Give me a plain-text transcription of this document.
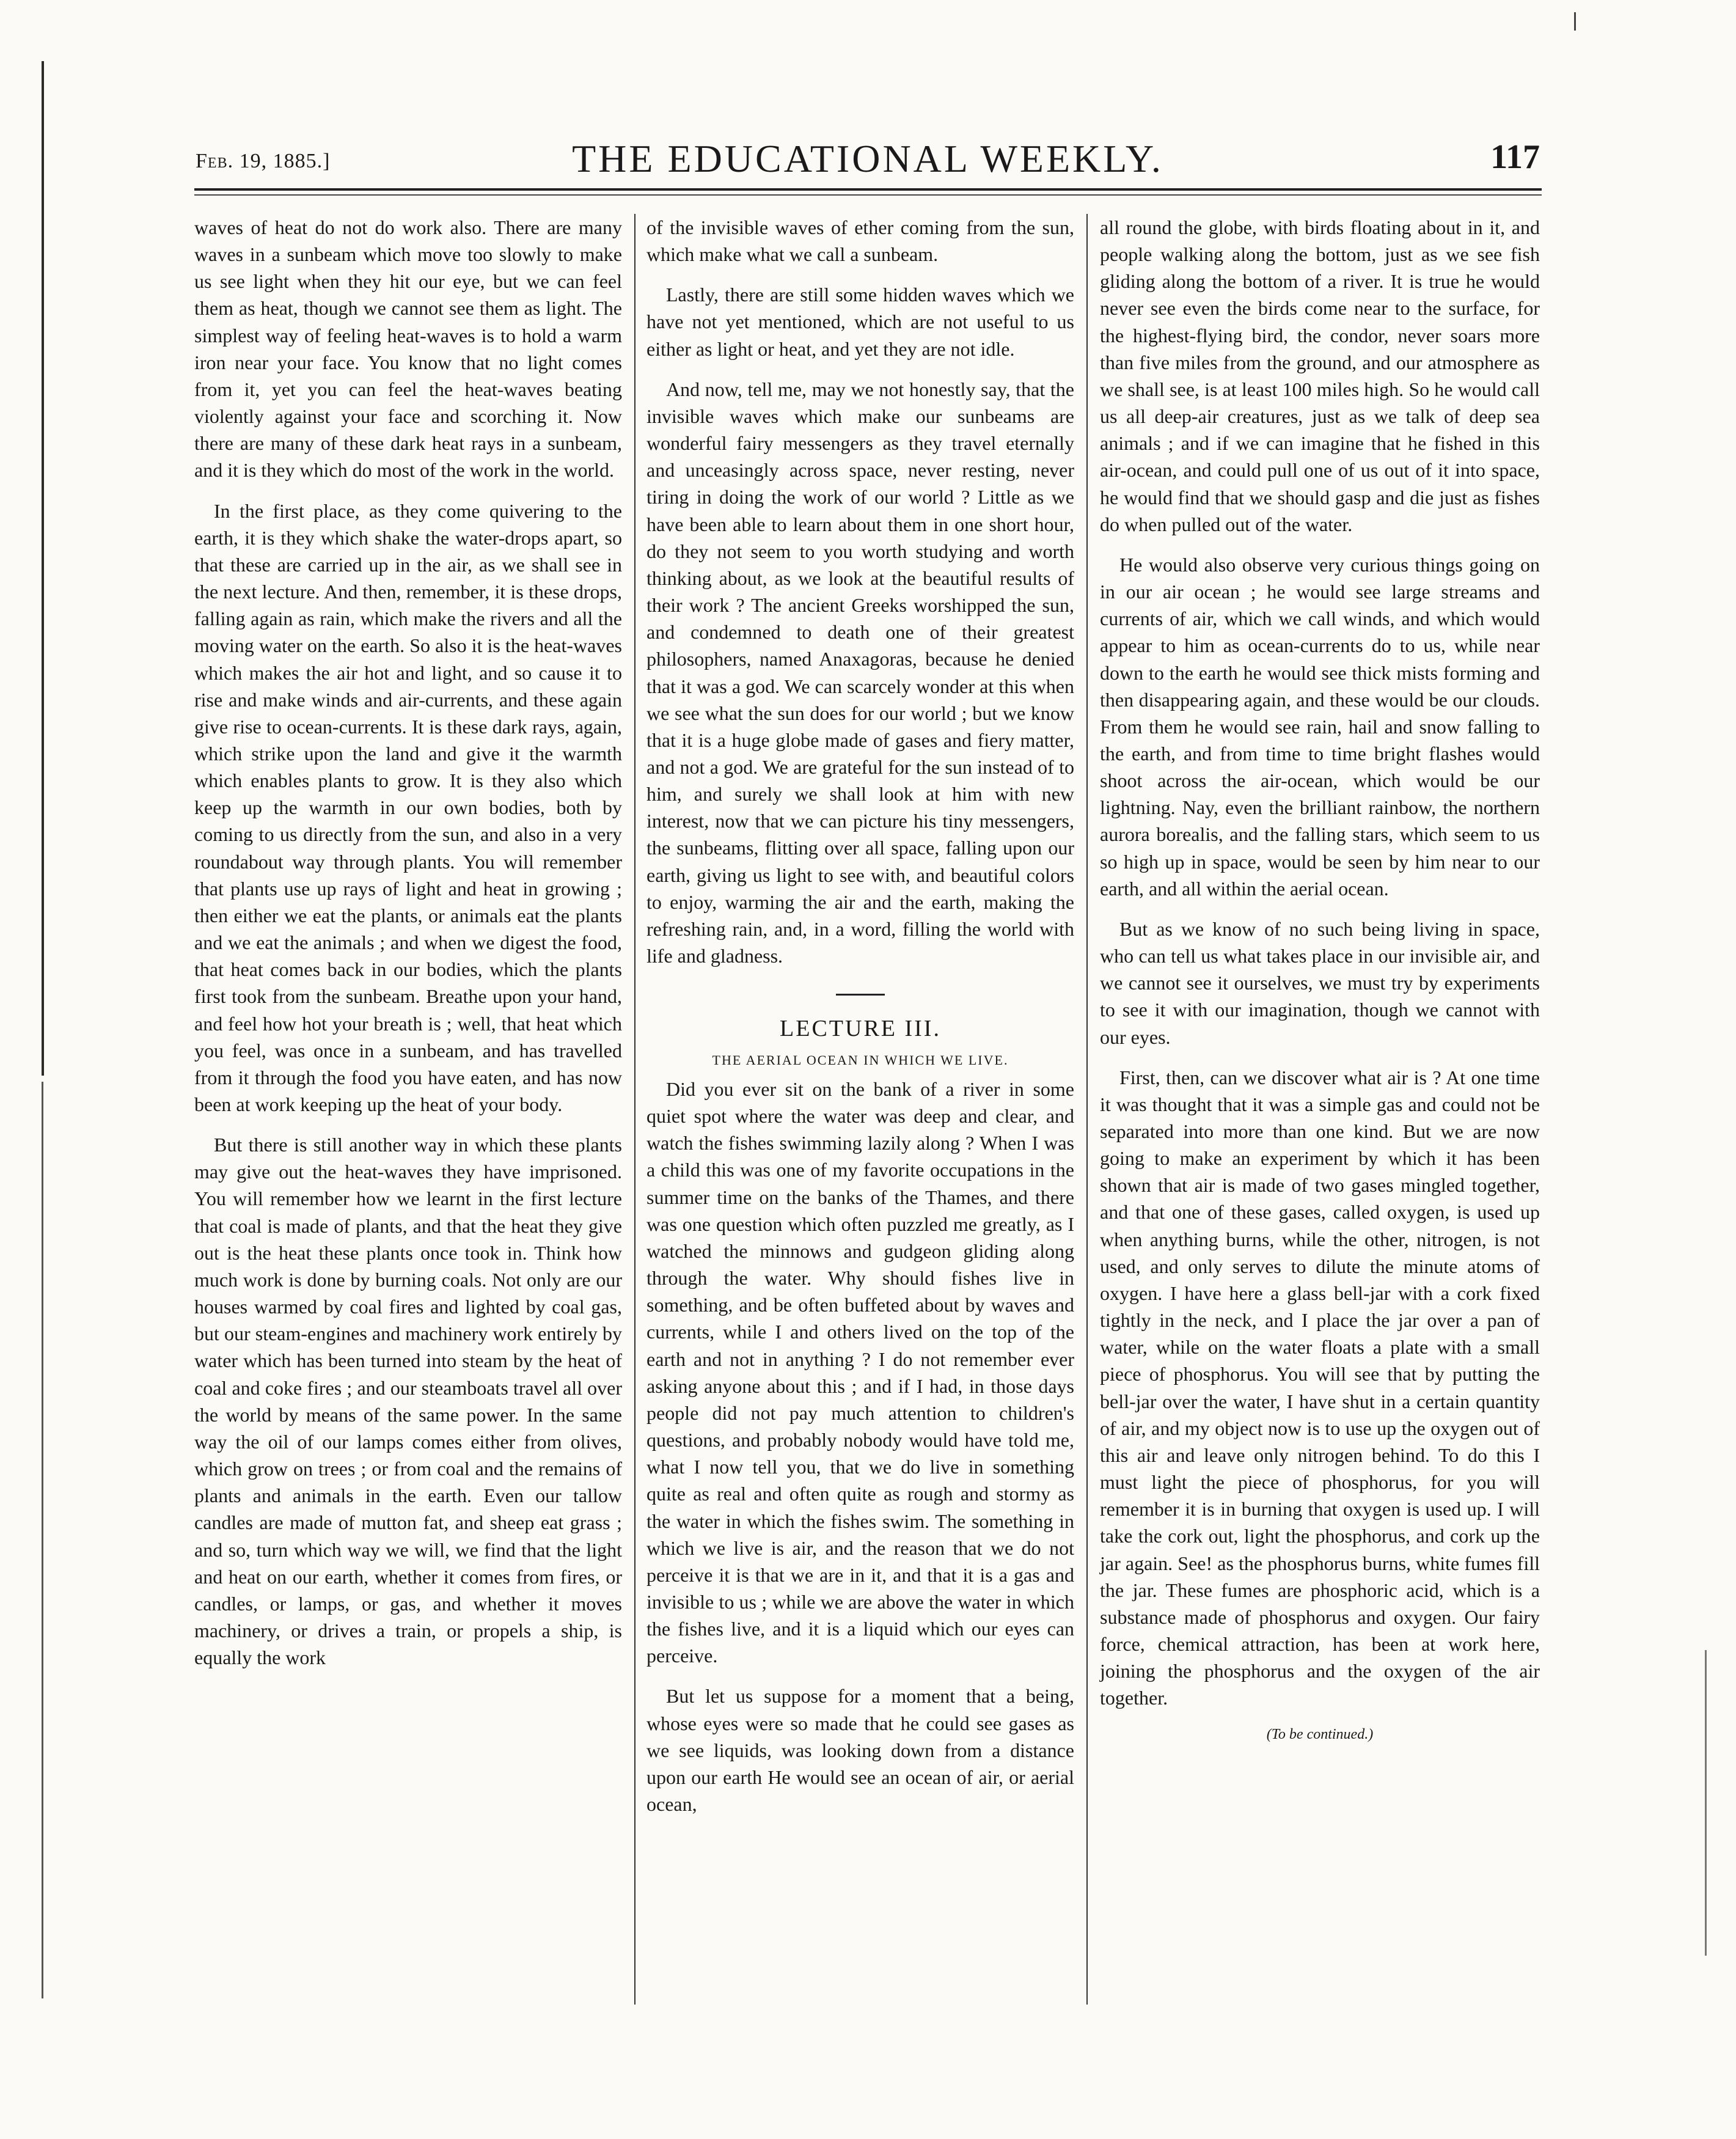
Feb. 19, 1885.]	THE EDUCATIONAL WEEKLY.	117

waves of heat do not do work also. There are many waves in a sunbeam which move too slowly to make us see light when they hit our eye, but we can feel them as heat, though we cannot see them as light. The simplest way of feeling heat-waves is to hold a warm iron near your face. You know that no light comes from it, yet you can feel the heat-waves beating violently against your face and scorching it. Now there are many of these dark heat rays in a sunbeam, and it is they which do most of the work in the world.

In the first place, as they come quivering to the earth, it is they which shake the water-drops apart, so that these are carried up in the air, as we shall see in the next lecture. And then, remember, it is these drops, falling again as rain, which make the rivers and all the moving water on the earth. So also it is the heat-waves which makes the air hot and light, and so cause it to rise and make winds and air-currents, and these again give rise to ocean-currents. It is these dark rays, again, which strike upon the land and give it the warmth which enables plants to grow. It is they also which keep up the warmth in our own bodies, both by coming to us directly from the sun, and also in a very roundabout way through plants. You will remember that plants use up rays of light and heat in growing ; then either we eat the plants, or animals eat the plants and we eat the animals ; and when we digest the food, that heat comes back in our bodies, which the plants first took from the sunbeam. Breathe upon your hand, and feel how hot your breath is ; well, that heat which you feel, was once in a sunbeam, and has travelled from it through the food you have eaten, and has now been at work keeping up the heat of your body.

But there is still another way in which these plants may give out the heat-waves they have imprisoned. You will remember how we learnt in the first lecture that coal is made of plants, and that the heat they give out is the heat these plants once took in. Think how much work is done by burning coals. Not only are our houses warmed by coal fires and lighted by coal gas, but our steam-engines and machinery work entirely by water which has been turned into steam by the heat of coal and coke fires ; and our steamboats travel all over the world by means of the same power. In the same way the oil of our lamps comes either from olives, which grow on trees ; or from coal and the remains of plants and animals in the earth. Even our tallow candles are made of mutton fat, and sheep eat grass ; and so, turn which way we will, we find that the light and heat on our earth, whether it comes from fires, or candles, or lamps, or gas, and whether it moves machinery, or drives a train, or propels a ship, is equally the work

of the invisible waves of ether coming from the sun, which make what we call a sunbeam.

Lastly, there are still some hidden waves which we have not yet mentioned, which are not useful to us either as light or heat, and yet they are not idle.

And now, tell me, may we not honestly say, that the invisible waves which make our sunbeams are wonderful fairy messengers as they travel eternally and unceasingly across space, never resting, never tiring in doing the work of our world ? Little as we have been able to learn about them in one short hour, do they not seem to you worth studying and worth thinking about, as we look at the beautiful results of their work ? The ancient Greeks worshipped the sun, and condemned to death one of their greatest philosophers, named Anaxagoras, because he denied that it was a god. We can scarcely wonder at this when we see what the sun does for our world ; but we know that it is a huge globe made of gases and fiery matter, and not a god. We are grateful for the sun instead of to him, and surely we shall look at him with new interest, now that we can picture his tiny messengers, the sunbeams, flitting over all space, falling upon our earth, giving us light to see with, and beautiful colors to enjoy, warming the air and the earth, making the refreshing rain, and, in a word, filling the world with life and gladness.

LECTURE III.
THE AERIAL OCEAN IN WHICH WE LIVE.

Did you ever sit on the bank of a river in some quiet spot where the water was deep and clear, and watch the fishes swimming lazily along ? When I was a child this was one of my favorite occupations in the summer time on the banks of the Thames, and there was one question which often puzzled me greatly, as I watched the minnows and gudgeon gliding along through the water. Why should fishes live in something, and be often buffeted about by waves and currents, while I and others lived on the top of the earth and not in anything ? I do not remember ever asking anyone about this ; and if I had, in those days people did not pay much attention to children's questions, and probably nobody would have told me, what I now tell you, that we do live in something quite as real and often quite as rough and stormy as the water in which the fishes swim. The something in which we live is air, and the reason that we do not perceive it is that we are in it, and that it is a gas and invisible to us ; while we are above the water in which the fishes live, and it is a liquid which our eyes can perceive.

But let us suppose for a moment that a being, whose eyes were so made that he could see gases as we see liquids, was looking down from a distance upon our earth He would see an ocean of air, or aerial ocean,

all round the globe, with birds floating about in it, and people walking along the bottom, just as we see fish gliding along the bottom of a river. It is true he would never see even the birds come near to the surface, for the highest-flying bird, the condor, never soars more than five miles from the ground, and our atmosphere as we shall see, is at least 100 miles high. So he would call us all deep-air creatures, just as we talk of deep sea animals ; and if we can imagine that he fished in this air-ocean, and could pull one of us out of it into space, he would find that we should gasp and die just as fishes do when pulled out of the water.

He would also observe very curious things going on in our air ocean ; he would see large streams and currents of air, which we call winds, and which would appear to him as ocean-currents do to us, while near down to the earth he would see thick mists forming and then disappearing again, and these would be our clouds. From them he would see rain, hail and snow falling to the earth, and from time to time bright flashes would shoot across the air-ocean, which would be our lightning. Nay, even the brilliant rainbow, the northern aurora borealis, and the falling stars, which seem to us so high up in space, would be seen by him near to our earth, and all within the aerial ocean.

But as we know of no such being living in space, who can tell us what takes place in our invisible air, and we cannot see it ourselves, we must try by experiments to see it with our imagination, though we cannot with our eyes.

First, then, can we discover what air is ? At one time it was thought that it was a simple gas and could not be separated into more than one kind. But we are now going to make an experiment by which it has been shown that air is made of two gases mingled together, and that one of these gases, called oxygen, is used up when anything burns, while the other, nitrogen, is not used, and only serves to dilute the minute atoms of oxygen. I have here a glass bell-jar with a cork fixed tightly in the neck, and I place the jar over a pan of water, while on the water floats a plate with a small piece of phosphorus. You will see that by putting the bell-jar over the water, I have shut in a certain quantity of air, and my object now is to use up the oxygen out of this air and leave only nitrogen behind. To do this I must light the piece of phosphorus, for you will remember it is in burning that oxygen is used up. I will take the cork out, light the phosphorus, and cork up the jar again. See! as the phosphorus burns, white fumes fill the jar. These fumes are phosphoric acid, which is a substance made of phosphorus and oxygen. Our fairy force, chemical attraction, has been at work here, joining the phosphorus and the oxygen of the air together.

(To be continued.)
